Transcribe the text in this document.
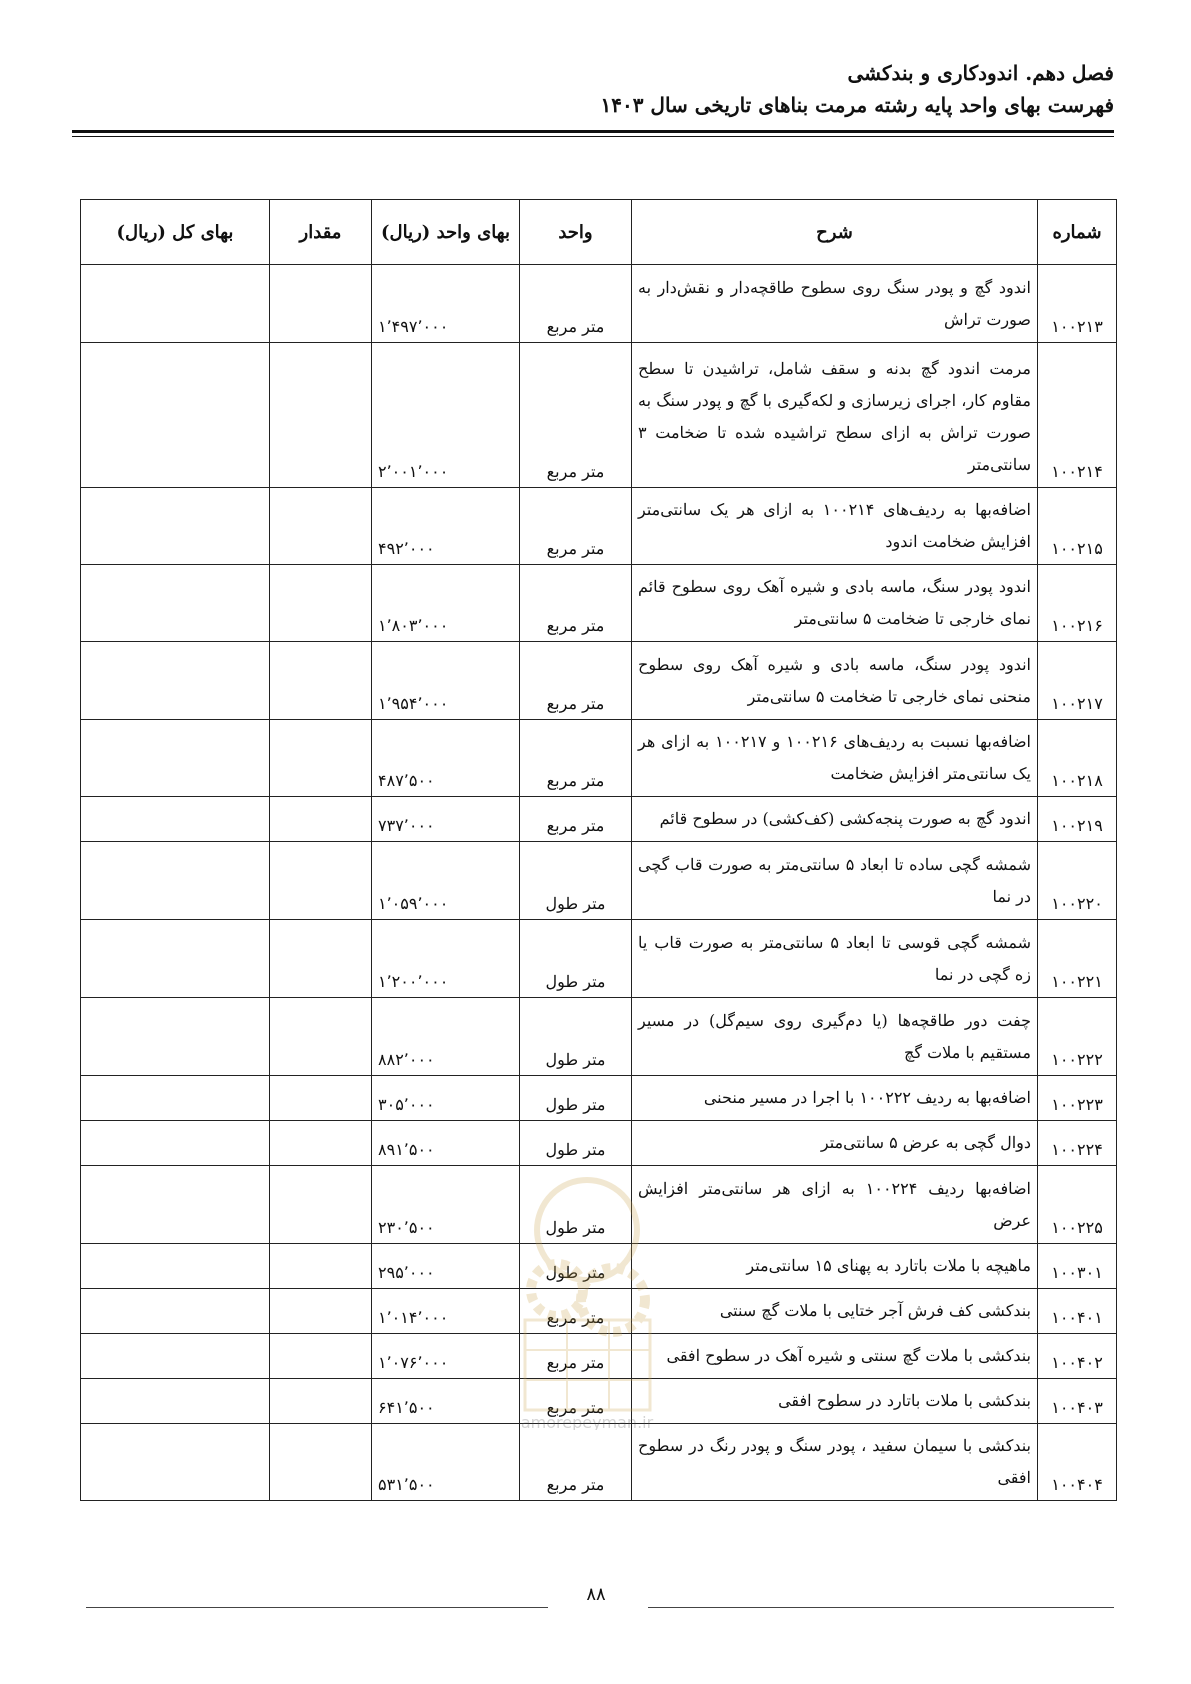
فصل دهم. اندودکاری و بندکشی
فهرست بهای واحد پایه رشته مرمت بناهای تاریخی سال ۱۴۰۳
شماره	شرح	واحد	بهای واحد (ریال)	مقدار	بهای کل (ریال)
۱۰۰۲۱۳	اندود گچ و پودر سنگ روی سطوح طاقچه‌دار و نقش‌دار به صورت تراش	متر مربع	۱٬۴۹۷٬۰۰۰		
۱۰۰۲۱۴	مرمت اندود گچ بدنه و سقف شامل، تراشیدن تا سطح مقاوم کار، اجرای زیرسازی و لکه‌گیری با گچ و پودر سنگ به صورت تراش به ازای سطح تراشیده شده تا ضخامت ۳ سانتی‌متر	متر مربع	۲٬۰۰۱٬۰۰۰		
۱۰۰۲۱۵	اضافه‌بها به ردیف‌های ۱۰۰۲۱۴ به ازای هر یک سانتی‌متر افزایش ضخامت اندود	متر مربع	۴۹۲٬۰۰۰		
۱۰۰۲۱۶	اندود پودر سنگ، ماسه بادی و شیره آهک روی سطوح قائم نمای خارجی تا ضخامت ۵ سانتی‌متر	متر مربع	۱٬۸۰۳٬۰۰۰		
۱۰۰۲۱۷	اندود پودر سنگ، ماسه بادی و شیره آهک روی سطوح منحنی نمای خارجی تا ضخامت ۵ سانتی‌متر	متر مربع	۱٬۹۵۴٬۰۰۰		
۱۰۰۲۱۸	اضافه‌بها نسبت به ردیف‌های ۱۰۰۲۱۶ و ۱۰۰۲۱۷ به ازای هر یک سانتی‌متر افزایش ضخامت	متر مربع	۴۸۷٬۵۰۰		
۱۰۰۲۱۹	اندود گچ به صورت پنجه‌کشی (کف‌کشی) در سطوح قائم	متر مربع	۷۳۷٬۰۰۰		
۱۰۰۲۲۰	شمشه گچی ساده تا ابعاد ۵ سانتی‌متر به صورت قاب گچی در نما	متر طول	۱٬۰۵۹٬۰۰۰		
۱۰۰۲۲۱	شمشه گچی قوسی تا ابعاد ۵ سانتی‌متر به صورت قاب یا زه گچی در نما	متر طول	۱٬۲۰۰٬۰۰۰		
۱۰۰۲۲۲	چفت دور طاقچه‌ها (یا دم‌گیری روی سیم‌گل) در مسیر مستقیم با ملات گچ	متر طول	۸۸۲٬۰۰۰		
۱۰۰۲۲۳	اضافه‌بها به ردیف ۱۰۰۲۲۲ با اجرا در مسیر منحنی	متر طول	۳۰۵٬۰۰۰		
۱۰۰۲۲۴	دوال گچی به عرض ۵ سانتی‌متر	متر طول	۸۹۱٬۵۰۰		
۱۰۰۲۲۵	اضافه‌بها ردیف ۱۰۰۲۲۴ به ازای هر سانتی‌متر افزایش عرض	متر طول	۲۳۰٬۵۰۰		
۱۰۰۳۰۱	ماهیچه با ملات باتارد به پهنای ۱۵ سانتی‌متر	متر طول	۲۹۵٬۰۰۰		
۱۰۰۴۰۱	بندکشی کف فرش آجر ختایی با ملات گچ سنتی	متر مربع	۱٬۰۱۴٬۰۰۰		
۱۰۰۴۰۲	بندکشی با ملات گچ سنتی و شیره آهک در سطوح افقی	متر مربع	۱٬۰۷۶٬۰۰۰		
۱۰۰۴۰۳	بندکشی با ملات باتارد در سطوح افقی	متر مربع	۶۴۱٬۵۰۰		
۱۰۰۴۰۴	بندکشی با سیمان سفید ، پودر سنگ و پودر رنگ در سطوح افقی	متر مربع	۵۳۱٬۵۰۰		
amorepeyman.ir
۸۸
